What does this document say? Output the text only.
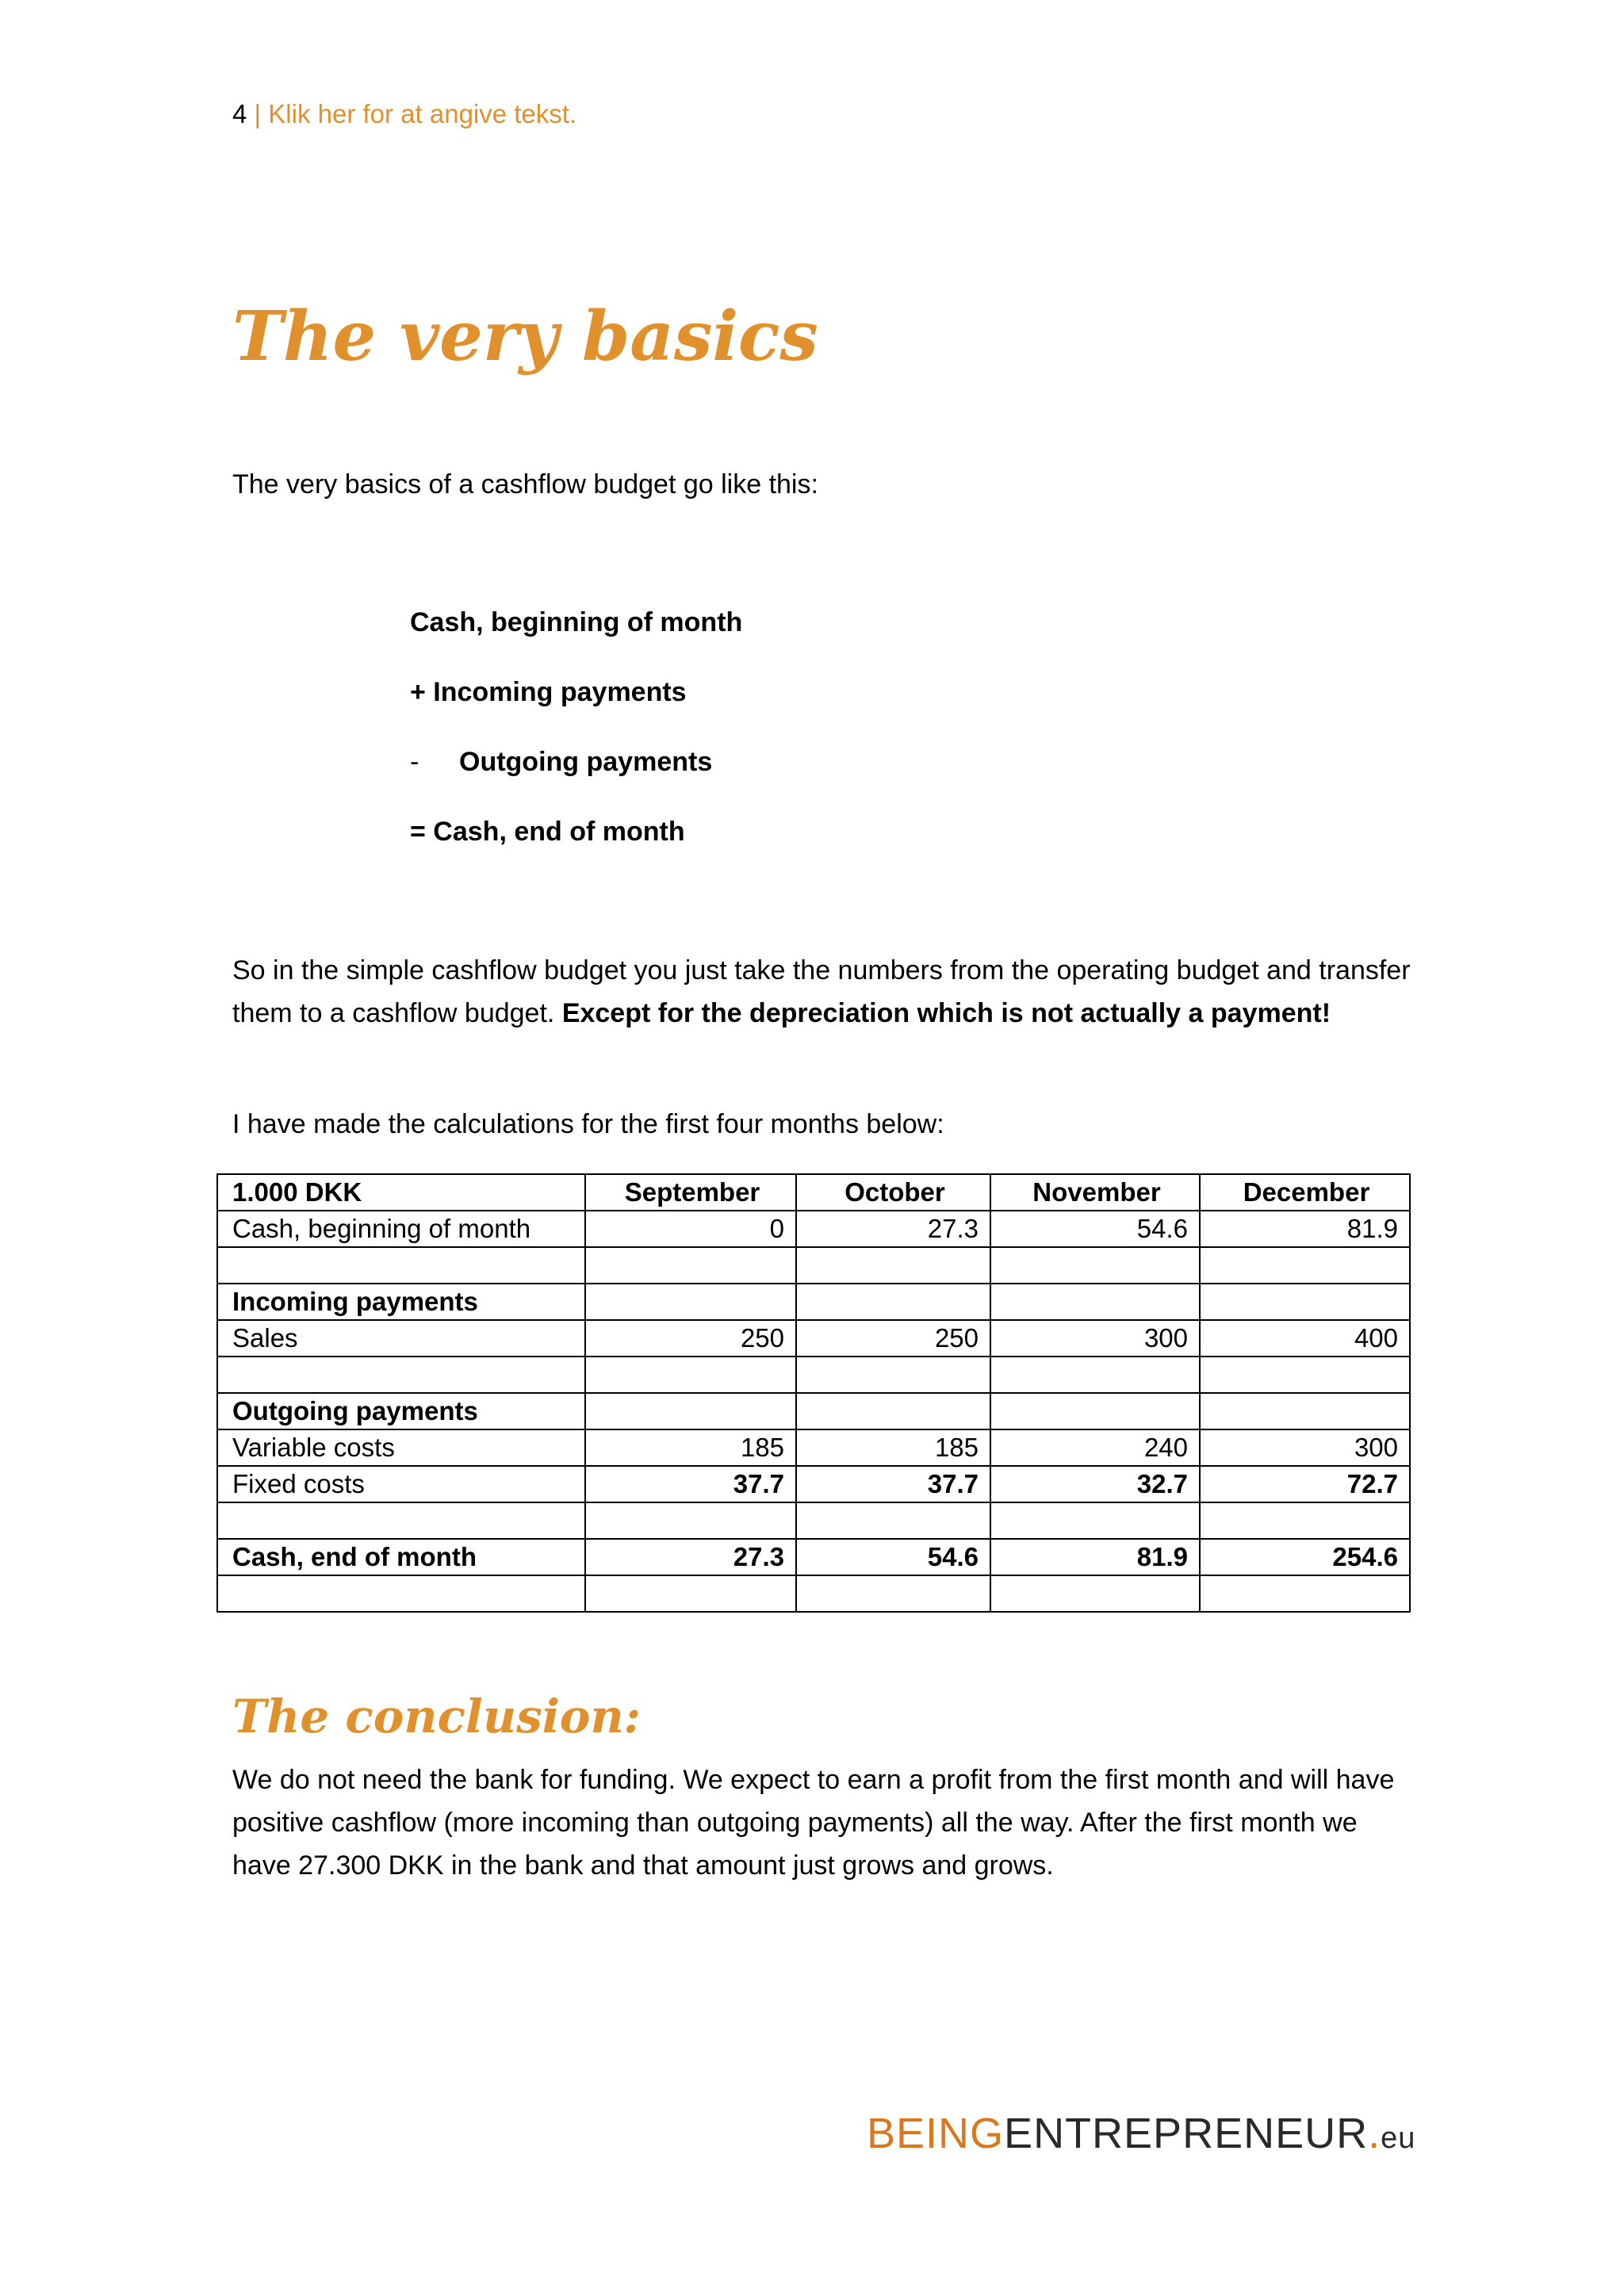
4 | Klik her for at angive tekst.
The very basics
The very basics of a cashflow budget go like this:
Cash, beginning of month
+ Incoming payments
- Outgoing payments
= Cash, end of month
So in the simple cashflow budget you just take the numbers from the operating budget and transfer them to a cashflow budget. Except for the depreciation which is not actually a payment!
I have made the calculations for the first four months below:
1.000 DKK	September	October	November	December
Cash, beginning of month	0	27.3	54.6	81.9

Incoming payments				
Sales	250	250	300	400

Outgoing payments				
Variable costs	185	185	240	300
Fixed costs	37.7	37.7	32.7	72.7

Cash, end of month	27.3	54.6	81.9	254.6

The conclusion:
We do not need the bank for funding. We expect to earn a profit from the first month and will have positive cashflow (more incoming than outgoing payments) all the way. After the first month we have 27.300 DKK in the bank and that amount just grows and grows.
BEINGENTREPRENEUR.eu
